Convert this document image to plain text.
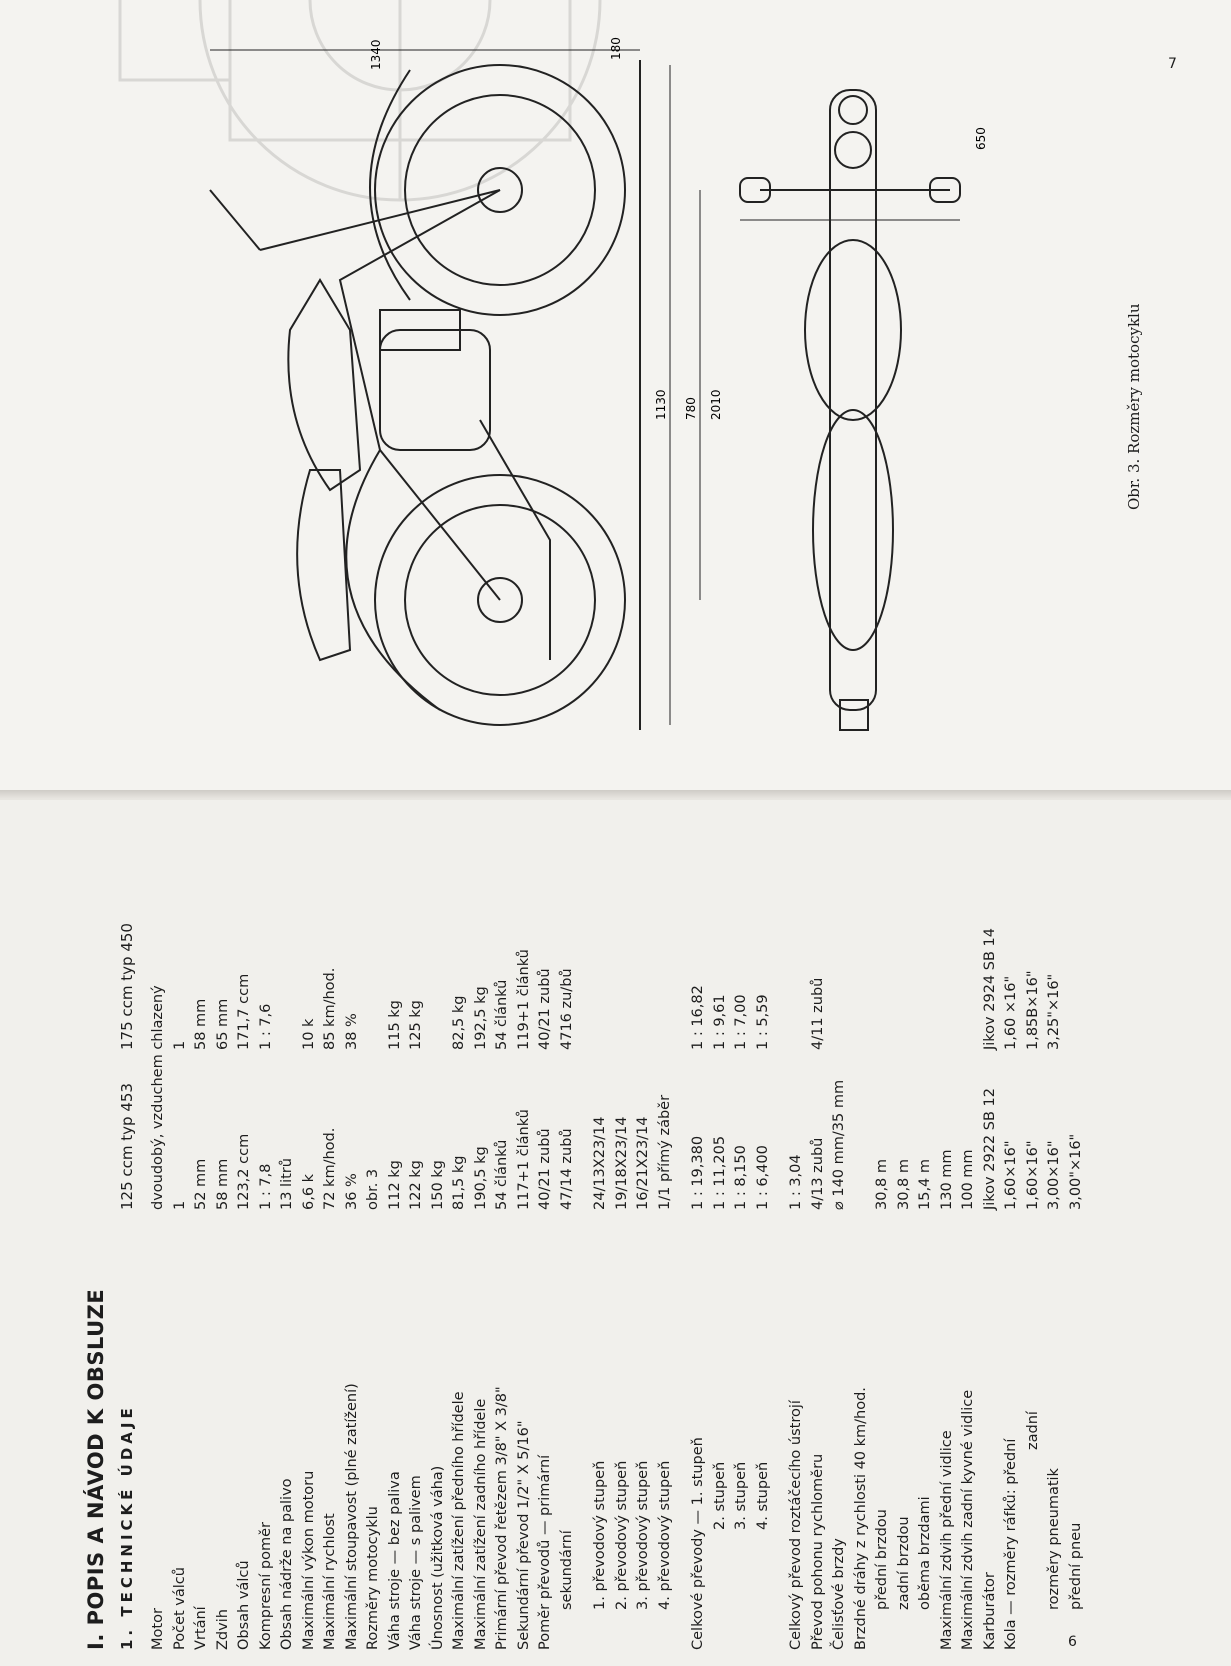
1130	2010
1340
780
650
180

Obr. 3. Rozměry motocyklu

7
I. POPIS A NÁVOD K OBSLUZE 1. TECHNICKÉ ÚDAJE
125 ccm typ 453
175 ccm typ 450
Motor
dvoudobý, vzduchem chlazený
Počet válců
1
1
Vrtání
52 mm
58 mm
Zdvih
58 mm
65 mm
Obsah válců
123,2 ccm
171,7 ccm
Kompresní poměr
1 : 7,8
1 : 7,6
Obsah nádrže na palivo
13 litrů
Maximální výkon motoru
6,6 k
10 k
Maximální rychlost
72 km/hod.
85 km/hod.
Maximální stoupavost (plné zatížení)
36 %
38 %
Rozměry motocyklu
obr. 3
Váha stroje — bez paliva
112 kg
115 kg
Váha stroje — s palivem
122 kg
125 kg
Únosnost (užitková váha)
150 kg
Maximální zatížení předního hřídele
81,5 kg
82,5 kg
Maximální zatížení zadního hřídele
190,5 kg
192,5 kg
Primární převod řetězem 3/8" X 3/8"
54 článků
54 článků
Sekundární převod 1/2" X 5/16"
117+1 článků
119+1 článků
Poměr převodů — primární
40/21 zubů
40/21 zubů
sekundární
47/14 zubů
4716 zu/bů
1. převodový stupeň
24/13X23/14
2. převodový stupeň
19/18X23/14
3. převodový stupeň
16/21X23/14
4. převodový stupeň
1/1 přímý záběr
Celkové převody — 1. stupeň
1 : 19,380
1 : 16,82
2. stupeň
1 : 11,205
1 : 9,61
3. stupeň
1 : 8,150
1 : 7,00
4. stupeň
1 : 6,400
1 : 5,59
Celkový převod roztáčecího ústrojí
1 : 3,04
Převod pohonu rychloměru
4/13 zubů
4/11 zubů
Čelisťové brzdy
⌀ 140 mm/35 mm
Brzdné dráhy z rychlosti 40 km/hod. přední brzdou
30,8 m
zadní brzdou
30,8 m
oběma brzdami
15,4 m
Maximální zdvih přední vidlice
130 mm
Maximální zdvih zadní kyvné vidlice
100 mm
Karburátor
Jikov 2922 SB 12
Jikov 2924 SB 14
Kola — rozměry ráfků: přední
1,60×16"
1,60 ×16"
zadní
1,60×16"
1,85B×16"
rozměry pneumatik
3,00×16"
3,25"×16"
přední pneu
3,00"×16"
6
